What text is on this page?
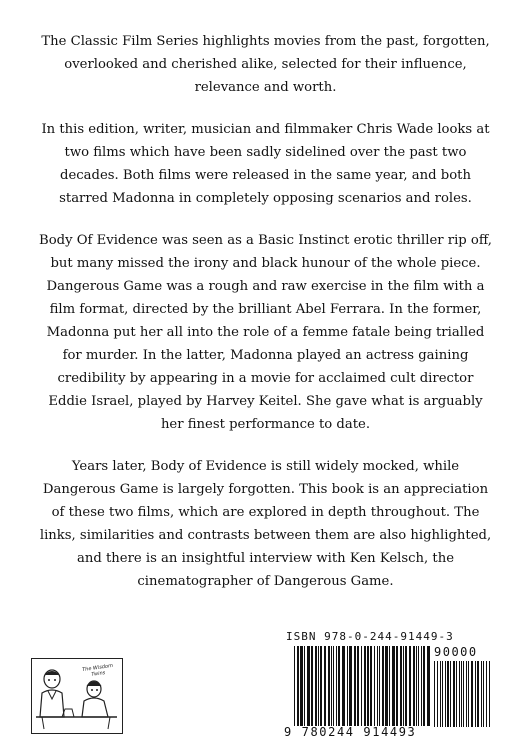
The Classic Film Series highlights movies from the past, forgotten, overlooked and cherished alike, selected for their influence, relevance and worth.

In this edition, writer, musician and filmmaker Chris Wade looks at two films which have been sadly sidelined over the past two decades. Both films were released in the same year, and both starred Madonna in completely opposing scenarios and roles.

Body Of Evidence was seen as a Basic Instinct erotic thriller rip off, but many missed the irony and black hunour of the whole piece. Dangerous Game was a rough and raw exercise in the film with a film format, directed by the brilliant Abel Ferrara. In the former, Madonna put her all into the role of a femme fatale being trialled for murder. In the latter, Madonna played an actress gaining credibility by appearing in a movie for acclaimed cult director Eddie Israel, played by Harvey Keitel. She gave what is arguably her finest performance to date.

Years later, Body of Evidence is still widely mocked, while Dangerous Game is largely forgotten. This book is an appreciation of these two films, which are explored in depth throughout. The links, similarities and contrasts between them are also highlighted, and there is an insightful interview with Ken Kelsch, the cinematographer of Dangerous Game.

The Wisdom Twins
ISBN 978-0-244-91449-3
90000
9 780244 914493
